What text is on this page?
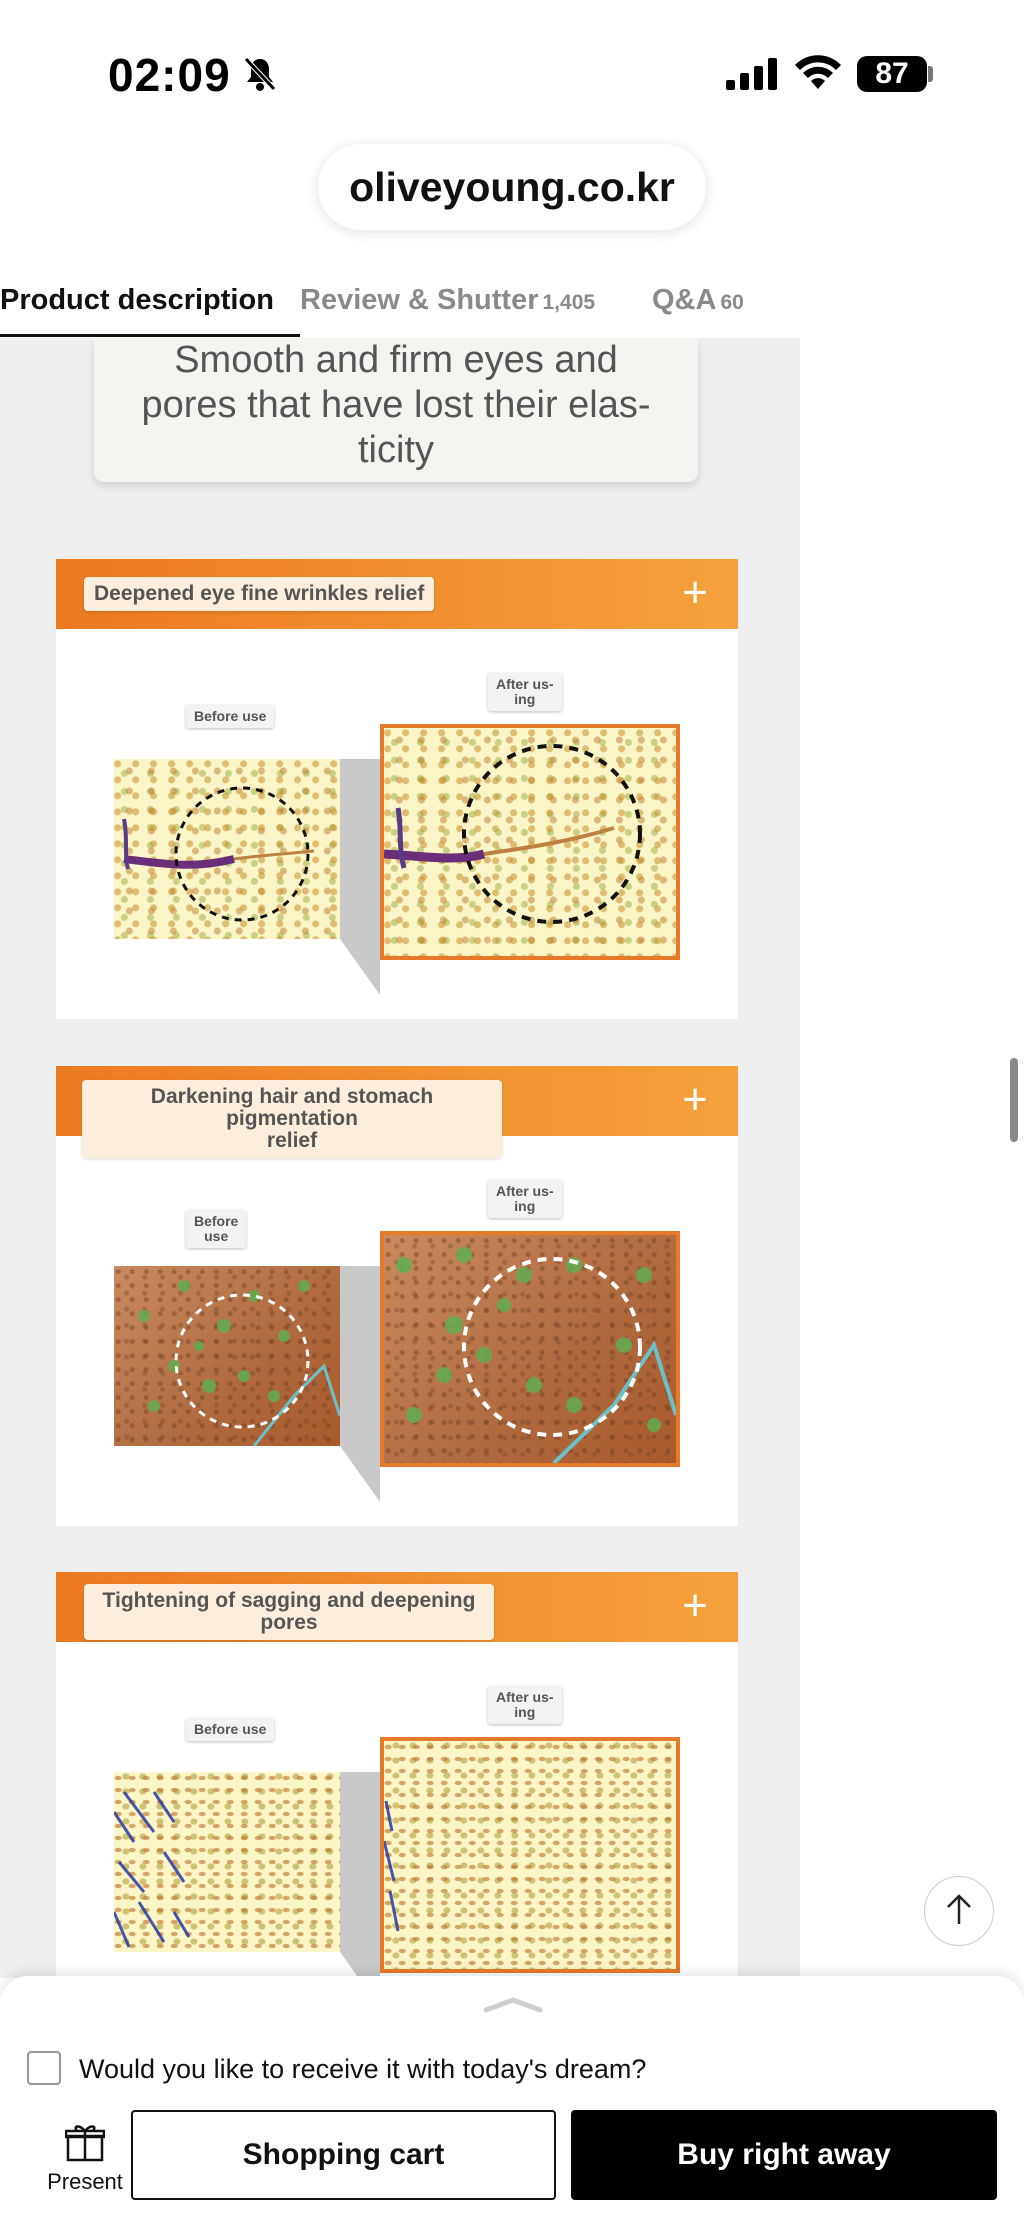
02:09	87
oliveyoung.co.kr
Product description Review & Shutter 1,405 Q&A 60
Smooth and firm eyes and
pores that have lost their elas-
ticity
Deepened eye fine wrinkles relief	+
Before use
After us-
ing
Darkening hair and stomach pigmentation
relief
+
Before
use
After us-
ing
Tightening of sagging and deepening
pores	+
Before use
After us-
ing
Would you like to receive it with today's dream?
Present
Shopping cart	Buy right away
